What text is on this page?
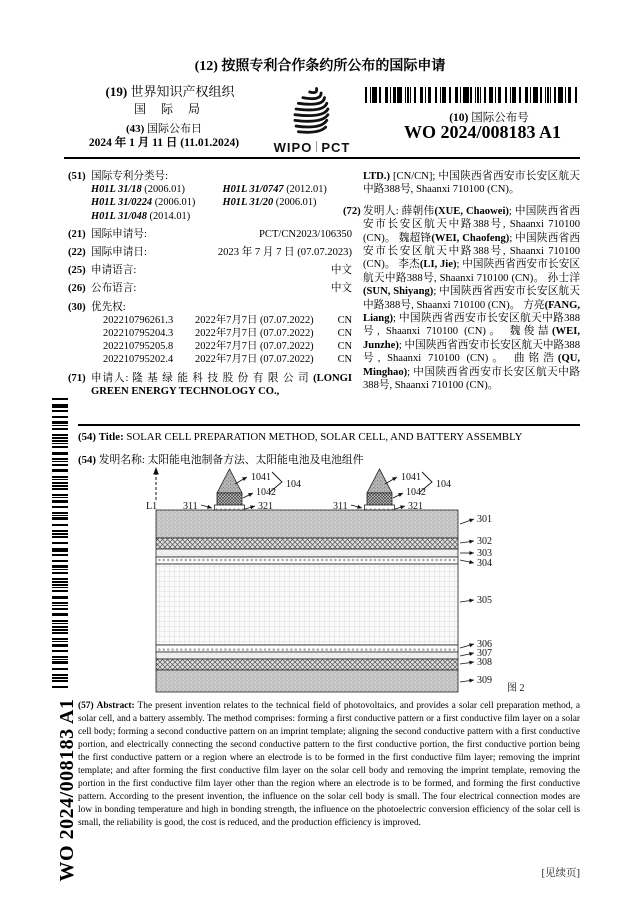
(12) 按照专利合作条约所公布的国际申请
(19) 世界知识产权组织
国 际 局
(43) 国际公布日
2024 年 1 月 11 日 (11.01.2024)	WIPO PCT
(10) 国际公布号
WO 2024/008183 A1
(51) 国际专利分类号:
H01L 31/18 (2006.01)	H01L 31/0747 (2012.01)
H01L 31/0224 (2006.01)	H01L 31/20 (2006.01)
H01L 31/048 (2014.01)
(21) 国际申请号:	PCT/CN2023/106350
(22) 国际申请日:	2023 年 7 月 7 日 (07.07.2023)
(25) 申请语言:	中文
(26) 公布语言:	中文
(30) 优先权:
202210796261.3	2022年7月7日 (07.07.2022)	CN
202210795204.3	2022年7月7日 (07.07.2022)	CN
202210795205.8	2022年7月7日 (07.07.2022)	CN
202210795202.4	2022年7月7日 (07.07.2022)	CN
(71) 申请人: 隆 基 绿 能 科 技 股 份 有 限 公 司 (LONGI GREEN ENERGY TECHNOLOGY CO.,
LTD.) [CN/CN]; 中国陕西省西安市长安区航天中路388号, Shaanxi 710100 (CN)。
(72) 发明人: 薛朝伟(XUE, Chaowei); 中国陕西省西安市长安区航天中路388号, Shaanxi 710100 (CN)。 魏超锋(WEI, Chaofeng); 中国陕西省西安市长安区航天中路388号, Shaanxi 710100 (CN)。 李杰(LI, Jie); 中国陕西省西安市长安区航天中路388号, Shaanxi 710100 (CN)。 孙士洋(SUN, Shiyang); 中国陕西省西安市长安区航天中路388号, Shaanxi 710100 (CN)。 方亮(FANG, Liang); 中国陕西省西安市长安区航天中路388号, Shaanxi 710100 (CN)。 魏俊喆(WEI, Junzhe); 中国陕西省西安市长安区航天中路388号, Shaanxi 710100 (CN)。 曲铭浩(QU, Minghao); 中国陕西省西安市长安区航天中路388号, Shaanxi 710100 (CN)。
(54) Title: SOLAR CELL PREPARATION METHOD, SOLAR CELL, AND BATTERY ASSEMBLY
(54) 发明名称: 太阳能电池制备方法、太阳能电池及电池组件
L1
1041
104
1042
321
311
1041
104
1042
321
311
301
302
303
304
305
306
307
308
309
图 2
(57) Abstract: The present invention relates to the technical field of photovoltaics, and provides a solar cell preparation method, a solar cell, and a battery assembly. The method comprises: forming a first conductive pattern or a first conductive film layer on a solar cell body; forming a second conductive pattern on an imprint template; aligning the second conductive pattern with a first conductive portion, and electrically connecting the second conductive pattern to the first conductive portion, the first conductive portion being the first conductive pattern or a region where an electrode is to be formed in the first conductive film layer; removing the imprint template; and after forming the first conductive film layer on the solar cell body and removing the imprint template, removing the portion in the first conductive film layer other than the region where an electrode is to be formed, and forming the first conductive pattern. According to the present invention, the influence on the solar cell body is small. The four electrical connection modes are low in bonding temperature and high in bonding strength, the influence on the photoelectric conversion efficiency of the solar cell is small, the reliability is good, the cost is reduced, and the production efficiency is improved.
WO 2024/008183 A1	[见续页]
